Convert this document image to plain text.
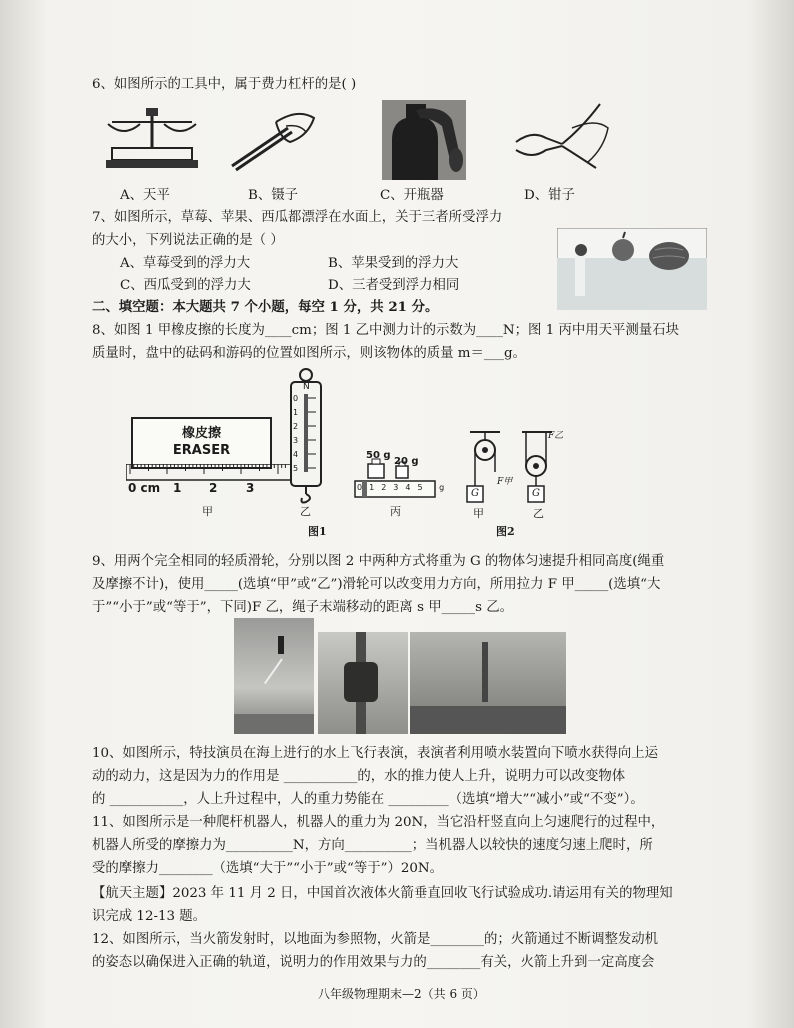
6、如图所示的工具中，属于费力杠杆的是( )
A、天平	B、镊子	C、开瓶器	D、钳子
7、如图所示，草莓、苹果、西瓜都漂浮在水面上，关于三者所受浮力
的大小，下列说法正确的是（ ）
A、草莓受到的浮力大	B、苹果受到的浮力大
C、西瓜受到的浮力大	D、三者受到浮力相同
二、填空题：本大题共 7 个小题，每空 1 分，共 21 分。
8、如图 1 甲橡皮擦的长度为____cm；图 1 乙中测力计的示数为____N；图 1 丙中用天平测量石块
质量时，盘中的砝码和游码的位置如图所示，则该物体的质量 m＝___g。
橡皮擦
ERASER
0 cm 1 2 3
甲
N
0
1
2
3
4
5
乙
50 g
20 g
012345 g
丙
图1
G	G
F甲
F乙
甲	乙
图2
9、用两个完全相同的轻质滑轮，分别以图 2 中两种方式将重为 G 的物体匀速提升相同高度(绳重
及摩擦不计)，使用_____(选填“甲”或“乙”)滑轮可以改变用力方向，所用拉力 F 甲_____(选填“大
于”“小于”或“等于”，下同)F 乙，绳子末端移动的距离 s 甲_____s 乙。
10、如图所示，特技演员在海上进行的水上飞行表演，表演者利用喷水装置向下喷水获得向上运
动的动力，这是因为力的作用是 ___________的，水的推力使人上升，说明力可以改变物体
的 ___________，人上升过程中，人的重力势能在 _________（选填“增大”“减小”或“不变”）。
11、如图所示是一种爬杆机器人，机器人的重力为 20N，当它沿杆竖直向上匀速爬行的过程中，
机器人所受的摩擦力为__________N，方向__________；当机器人以较快的速度匀速上爬时，所
受的摩擦力________（选填“大于”“小于”或“等于”）20N。
【航天主题】2023 年 11 月 2 日，中国首次液体火箭垂直回收飞行试验成功.请运用有关的物理知
识完成 12-13 题。
12、如图所示，当火箭发射时，以地面为参照物，火箭是________的；火箭通过不断调整发动机
的姿态以确保进入正确的轨道，说明力的作用效果与力的________有关，火箭上升到一定高度会
八年级物理期末—2（共 6 页）
